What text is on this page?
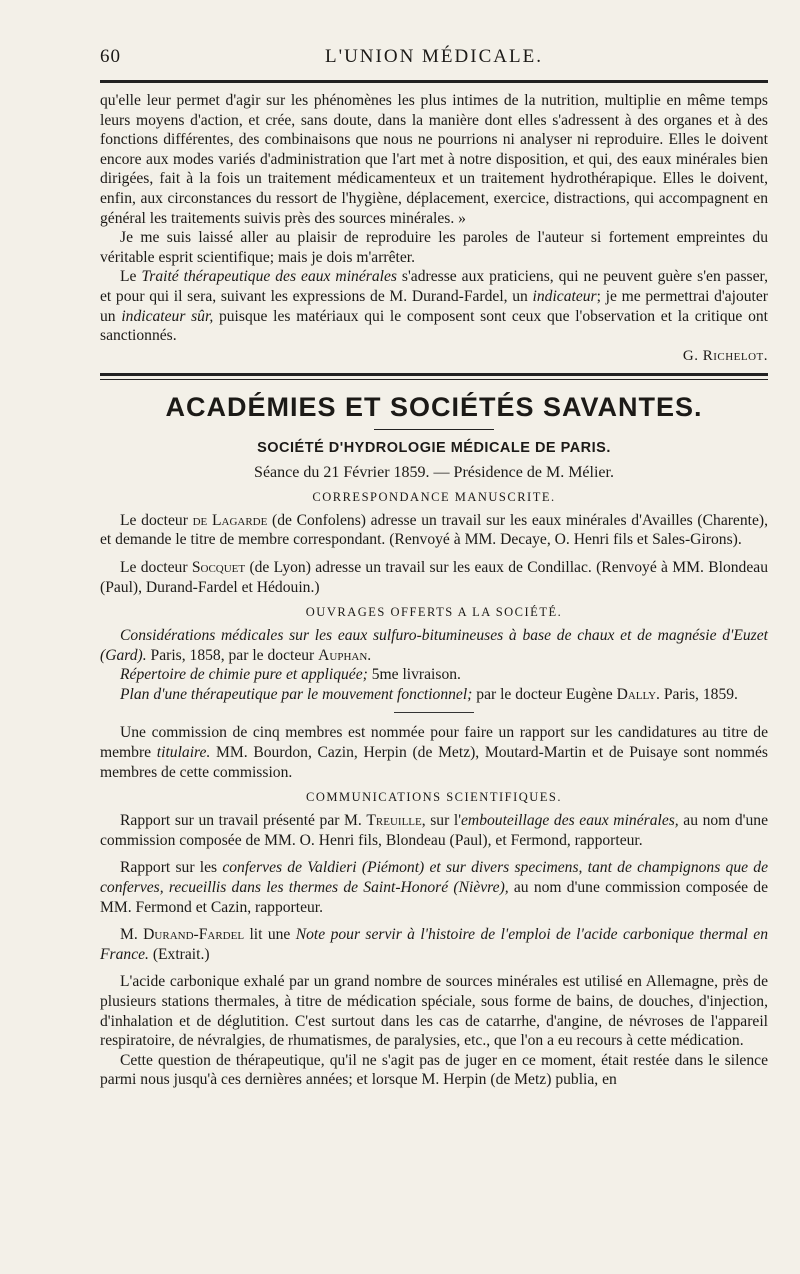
60	L'UNION MÉDICALE.

qu'elle leur permet d'agir sur les phénomènes les plus intimes de la nutrition, multiplie en même temps leurs moyens d'action, et crée, sans doute, dans la manière dont elles s'adressent à des organes et à des fonctions différentes, des combinaisons que nous ne pourrions ni analyser ni reproduire. Elles le doivent encore aux modes variés d'administration que l'art met à notre disposition, et qui, des eaux minérales bien dirigées, fait à la fois un traitement médicamenteux et un traitement hydrothérapique. Elles le doivent, enfin, aux circonstances du ressort de l'hygiène, déplacement, exercice, distractions, qui accompagnent en général les traitements suivis près des sources minérales. »

Je me suis laissé aller au plaisir de reproduire les paroles de l'auteur si fortement empreintes du véritable esprit scientifique; mais je dois m'arrêter.

Le Traité thérapeutique des eaux minérales s'adresse aux praticiens, qui ne peuvent guère s'en passer, et pour qui il sera, suivant les expressions de M. Durand-Fardel, un indicateur; je me permettrai d'ajouter un indicateur sûr, puisque les matériaux qui le composent sont ceux que l'observation et la critique ont sanctionnés.

G. Richelot.

ACADÉMIES ET SOCIÉTÉS SAVANTES.
SOCIÉTÉ D'HYDROLOGIE MÉDICALE DE PARIS.
Séance du 21 Février 1859. — Présidence de M. Mélier.
CORRESPONDANCE MANUSCRITE.

Le docteur de Lagarde (de Confolens) adresse un travail sur les eaux minérales d'Availles (Charente), et demande le titre de membre correspondant. (Renvoyé à MM. Decaye, O. Henri fils et Sales-Girons).

Le docteur Socquet (de Lyon) adresse un travail sur les eaux de Condillac. (Renvoyé à MM. Blondeau (Paul), Durand-Fardel et Hédouin.)

OUVRAGES OFFERTS A LA SOCIÉTÉ.

Considérations médicales sur les eaux sulfuro-bitumineuses à base de chaux et de magnésie d'Euzet (Gard). Paris, 1858, par le docteur Auphan.

Répertoire de chimie pure et appliquée; 5me livraison.

Plan d'une thérapeutique par le mouvement fonctionnel; par le docteur Eugène Dally. Paris, 1859.

Une commission de cinq membres est nommée pour faire un rapport sur les candidatures au titre de membre titulaire. MM. Bourdon, Cazin, Herpin (de Metz), Moutard-Martin et de Puisaye sont nommés membres de cette commission.

COMMUNICATIONS SCIENTIFIQUES.

Rapport sur un travail présenté par M. Treuille, sur l'embouteillage des eaux minérales, au nom d'une commission composée de MM. O. Henri fils, Blondeau (Paul), et Fermond, rapporteur.

Rapport sur les conferves de Valdieri (Piémont) et sur divers specimens, tant de champignons que de conferves, recueillis dans les thermes de Saint-Honoré (Nièvre), au nom d'une commission composée de MM. Fermond et Cazin, rapporteur.

M. Durand-Fardel lit une Note pour servir à l'histoire de l'emploi de l'acide carbonique thermal en France. (Extrait.)

L'acide carbonique exhalé par un grand nombre de sources minérales est utilisé en Allemagne, près de plusieurs stations thermales, à titre de médication spéciale, sous forme de bains, de douches, d'injection, d'inhalation et de déglutition. C'est surtout dans les cas de catarrhe, d'angine, de névroses de l'appareil respiratoire, de névralgies, de rhumatismes, de paralysies, etc., que l'on a eu recours à cette médication.

Cette question de thérapeutique, qu'il ne s'agit pas de juger en ce moment, était restée dans le silence parmi nous jusqu'à ces dernières années; et lorsque M. Herpin (de Metz) publia, en
